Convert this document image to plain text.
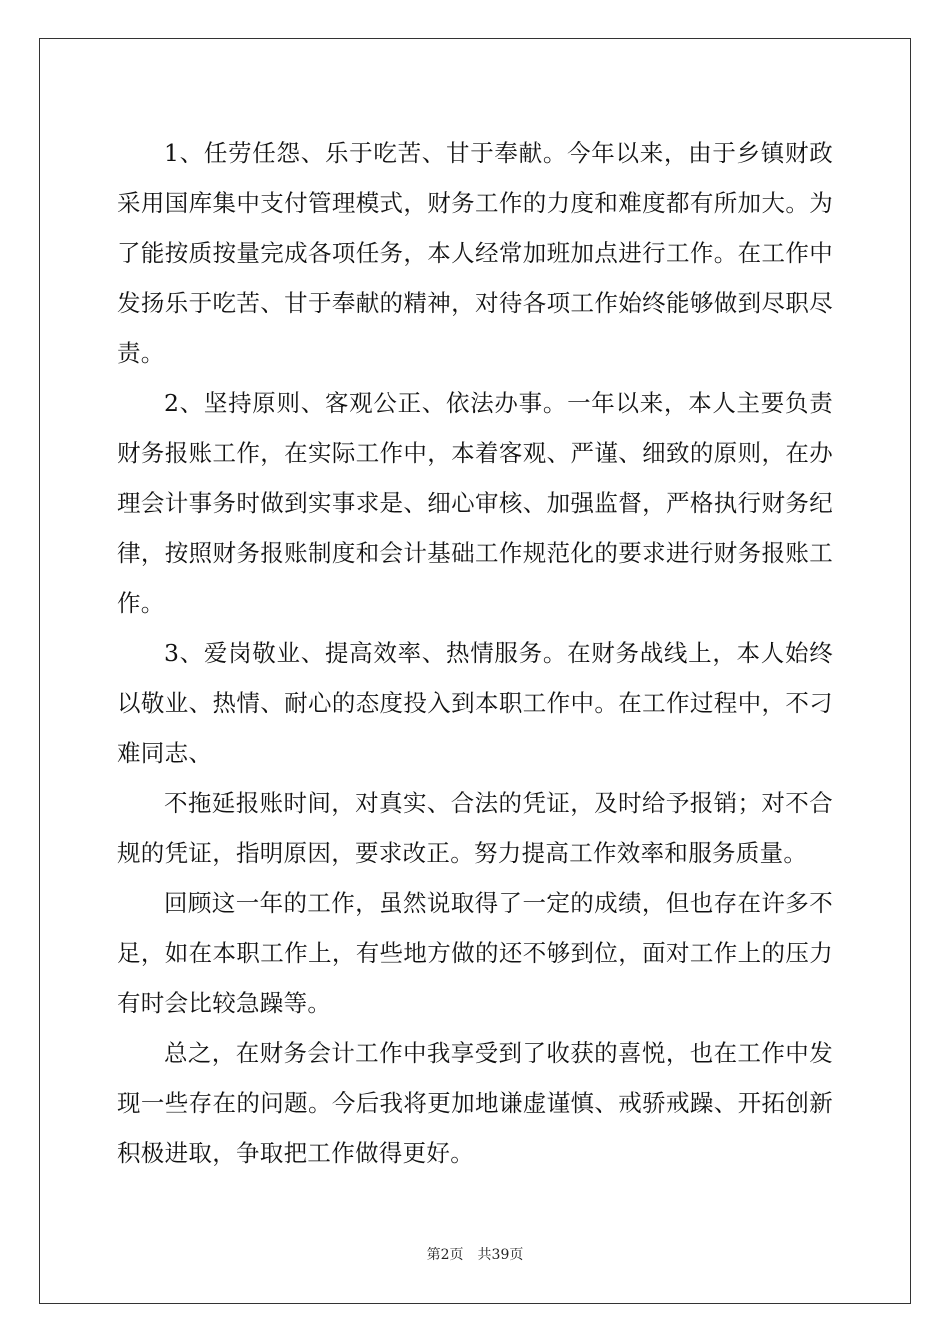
1、任劳任怨、乐于吃苦、甘于奉献。今年以来，由于乡镇财政采用国库集中支付管理模式，财务工作的力度和难度都有所加大。为了能按质按量完成各项任务，本人经常加班加点进行工作。在工作中发扬乐于吃苦、甘于奉献的精神，对待各项工作始终能够做到尽职尽责。

2、坚持原则、客观公正、依法办事。一年以来，本人主要负责财务报账工作，在实际工作中，本着客观、严谨、细致的原则，在办理会计事务时做到实事求是、细心审核、加强监督，严格执行财务纪律，按照财务报账制度和会计基础工作规范化的要求进行财务报账工作。

3、爱岗敬业、提高效率、热情服务。在财务战线上，本人始终以敬业、热情、耐心的态度投入到本职工作中。在工作过程中，不刁难同志、

不拖延报账时间，对真实、合法的凭证，及时给予报销；对不合规的凭证，指明原因，要求改正。努力提高工作效率和服务质量。

回顾这一年的工作，虽然说取得了一定的成绩，但也存在许多不足，如在本职工作上，有些地方做的还不够到位，面对工作上的压力有时会比较急躁等。

总之，在财务会计工作中我享受到了收获的喜悦，也在工作中发现一些存在的问题。今后我将更加地谦虚谨慎、戒骄戒躁、开拓创新积极进取，争取把工作做得更好。

第2页　共39页
